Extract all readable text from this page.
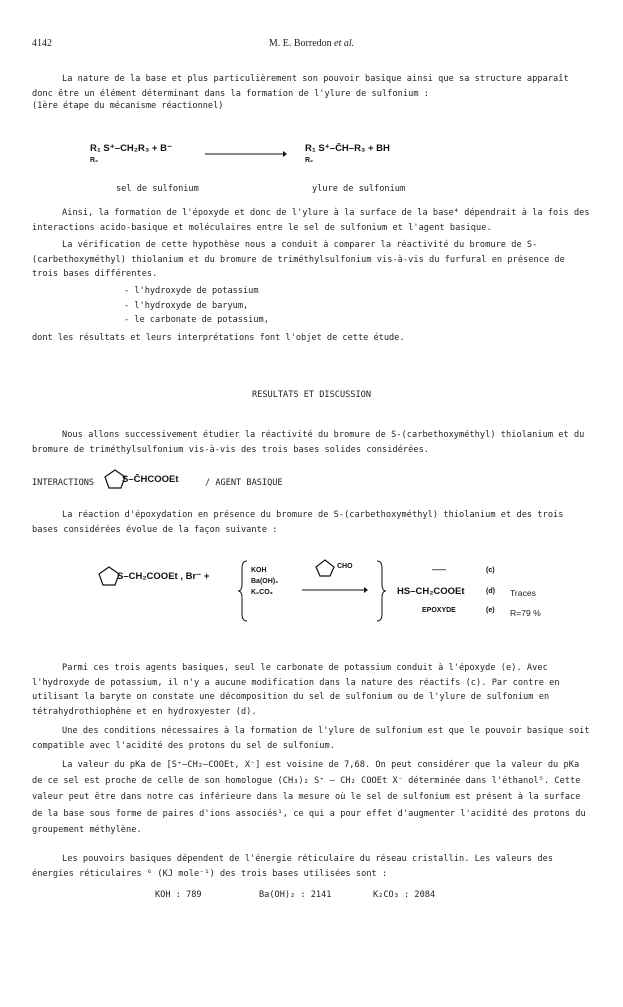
4142	M. E. Borredon et al.
La nature de la base et plus particulièrement son pouvoir basique ainsi que sa structure apparaît donc être un élément déterminant dans la formation de l'ylure de sulfonium :
(1ère étape du mécanisme réactionnel)
R₁ S⁺–CH₂R₃ + B⁻
R₂
R₁ S⁺–C̄H–R₃ + BH
R₂
sel de sulfonium	ylure de sulfonium
Ainsi, la formation de l'époxyde et donc de l'ylure à la surface de la base⁴ dépendrait à la fois des interactions acido-basique et moléculaires entre le sel de sulfonium et l'agent basique.
La vérification de cette hypothèse nous a conduit à comparer la réactivité du bromure de S-(carbethoxyméthyl) thiolanium et du bromure de triméthylsulfonium vis-à-vis du furfural en présence de trois bases différentes.
- l'hydroxyde de potassium
- l'hydroxyde de baryum,
- le carbonate de potassium,
dont les résultats et leurs interprétations font l'objet de cette étude.
RESULTATS ET DISCUSSION
Nous allons successivement étudier la réactivité du bromure de S-(carbethoxyméthyl) thiolanium et du bromure de triméthylsulfonium vis-à-vis des trois bases solides considérées.
INTERACTIONS	S–C̄HCOOEt	/ AGENT BASIQUE
La réaction d'époxydation en présence du bromure de S-(carbethoxyméthyl) thiolanium et des trois bases considérées évolue de la façon suivante :
S–CH₂COOEt , Br⁻ +
KOH
Ba(OH)₂
K₂CO₃
CHO
——	(c)
HS–CH₂COOEt	(d) Traces
EPOXYDE	(e) R=79 %
Parmi ces trois agents basiques, seul le carbonate de potassium conduit à l'époxyde (e). Avec l'hydroxyde de potassium, il n'y a aucune modification dans la nature des réactifs (c). Par contre en utilisant la baryte on constate une décomposition du sel de sulfonium ou de l'ylure de sulfonium en tétrahydrothiophène et en hydroxyester (d).
Une des conditions nécessaires à la formation de l'ylure de sulfonium est que le pouvoir basique soit compatible avec l'acidité des protons du sel de sulfonium.
La valeur du pKa de [S⁺–CH₂–COOEt, X⁻] est voisine de 7,68. On peut considérer que la valeur du pKa de ce sel est proche de celle de son homologue (CH₃)₂ S⁺ — CH₂ COOEt X⁻ déterminée dans l'éthanol⁵. Cette valeur peut être dans notre cas inférieure dans la mesure où le sel de sulfonium est présent à la surface de la base sous forme de paires d'ions associés¹, ce qui a pour effet d'augmenter l'acidité des protons du groupement méthylène.
Les pouvoirs basiques dépendent de l'énergie réticulaire du réseau cristallin. Les valeurs des énergies réticulaires ⁶ (KJ mole⁻¹) des trois bases utilisées sont :
KOH : 789	Ba(OH)₂ : 2141	K₂CO₃ : 2084
